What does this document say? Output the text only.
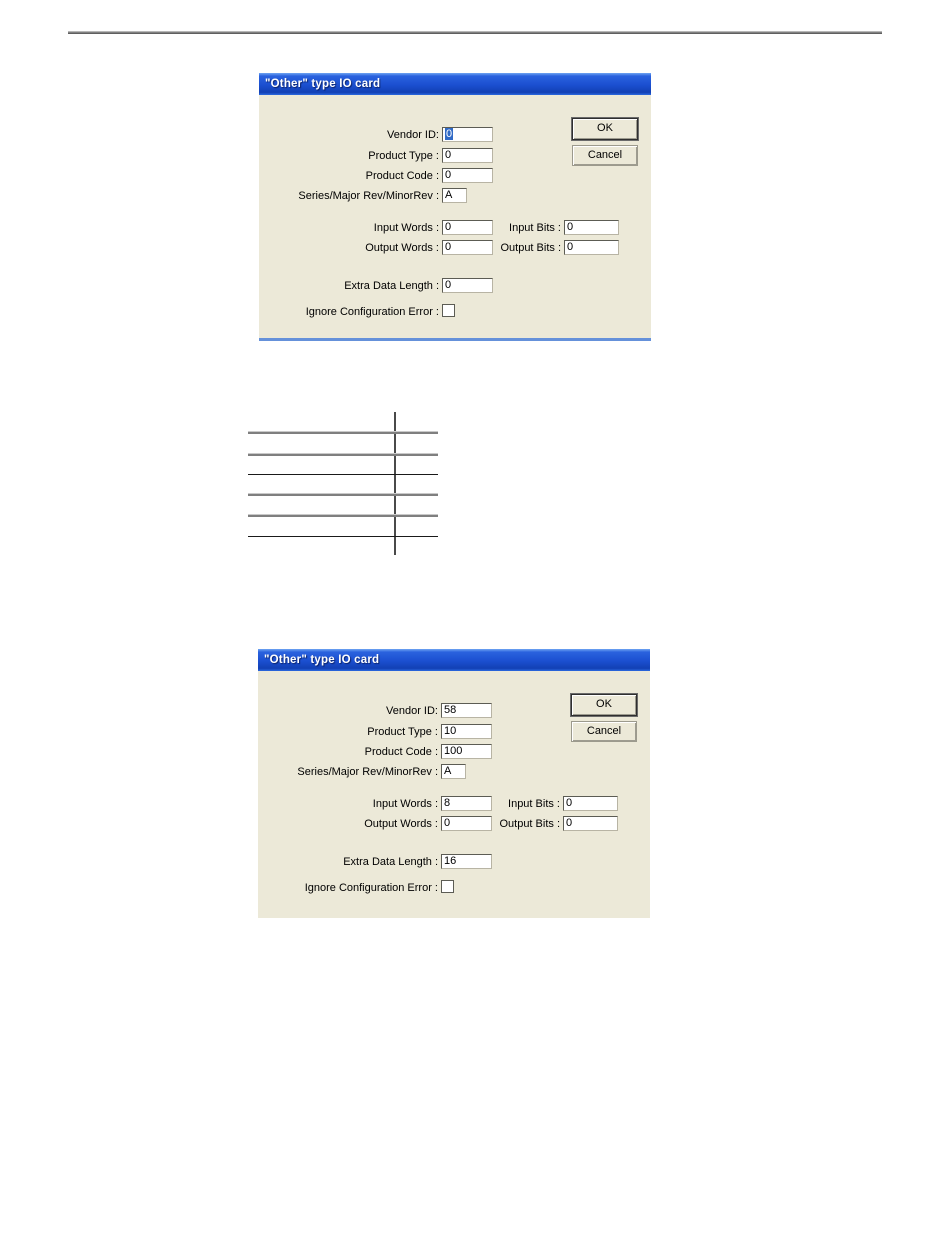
"Other" type IO card
Vendor ID: 0
Product Type : 0
Product Code : 0
Series/Major Rev/MinorRev : A
Input Words : 0	Input Bits : 0
Output Words : 0	Output Bits : 0
Extra Data Length : 0
Ignore Configuration Error :
OK
Cancel
"Other" type IO card
Vendor ID: 58
Product Type : 10
Product Code : 100
Series/Major Rev/MinorRev : A
Input Words : 8	Input Bits : 0
Output Words : 0	Output Bits : 0
Extra Data Length : 16
Ignore Configuration Error :
OK
Cancel
